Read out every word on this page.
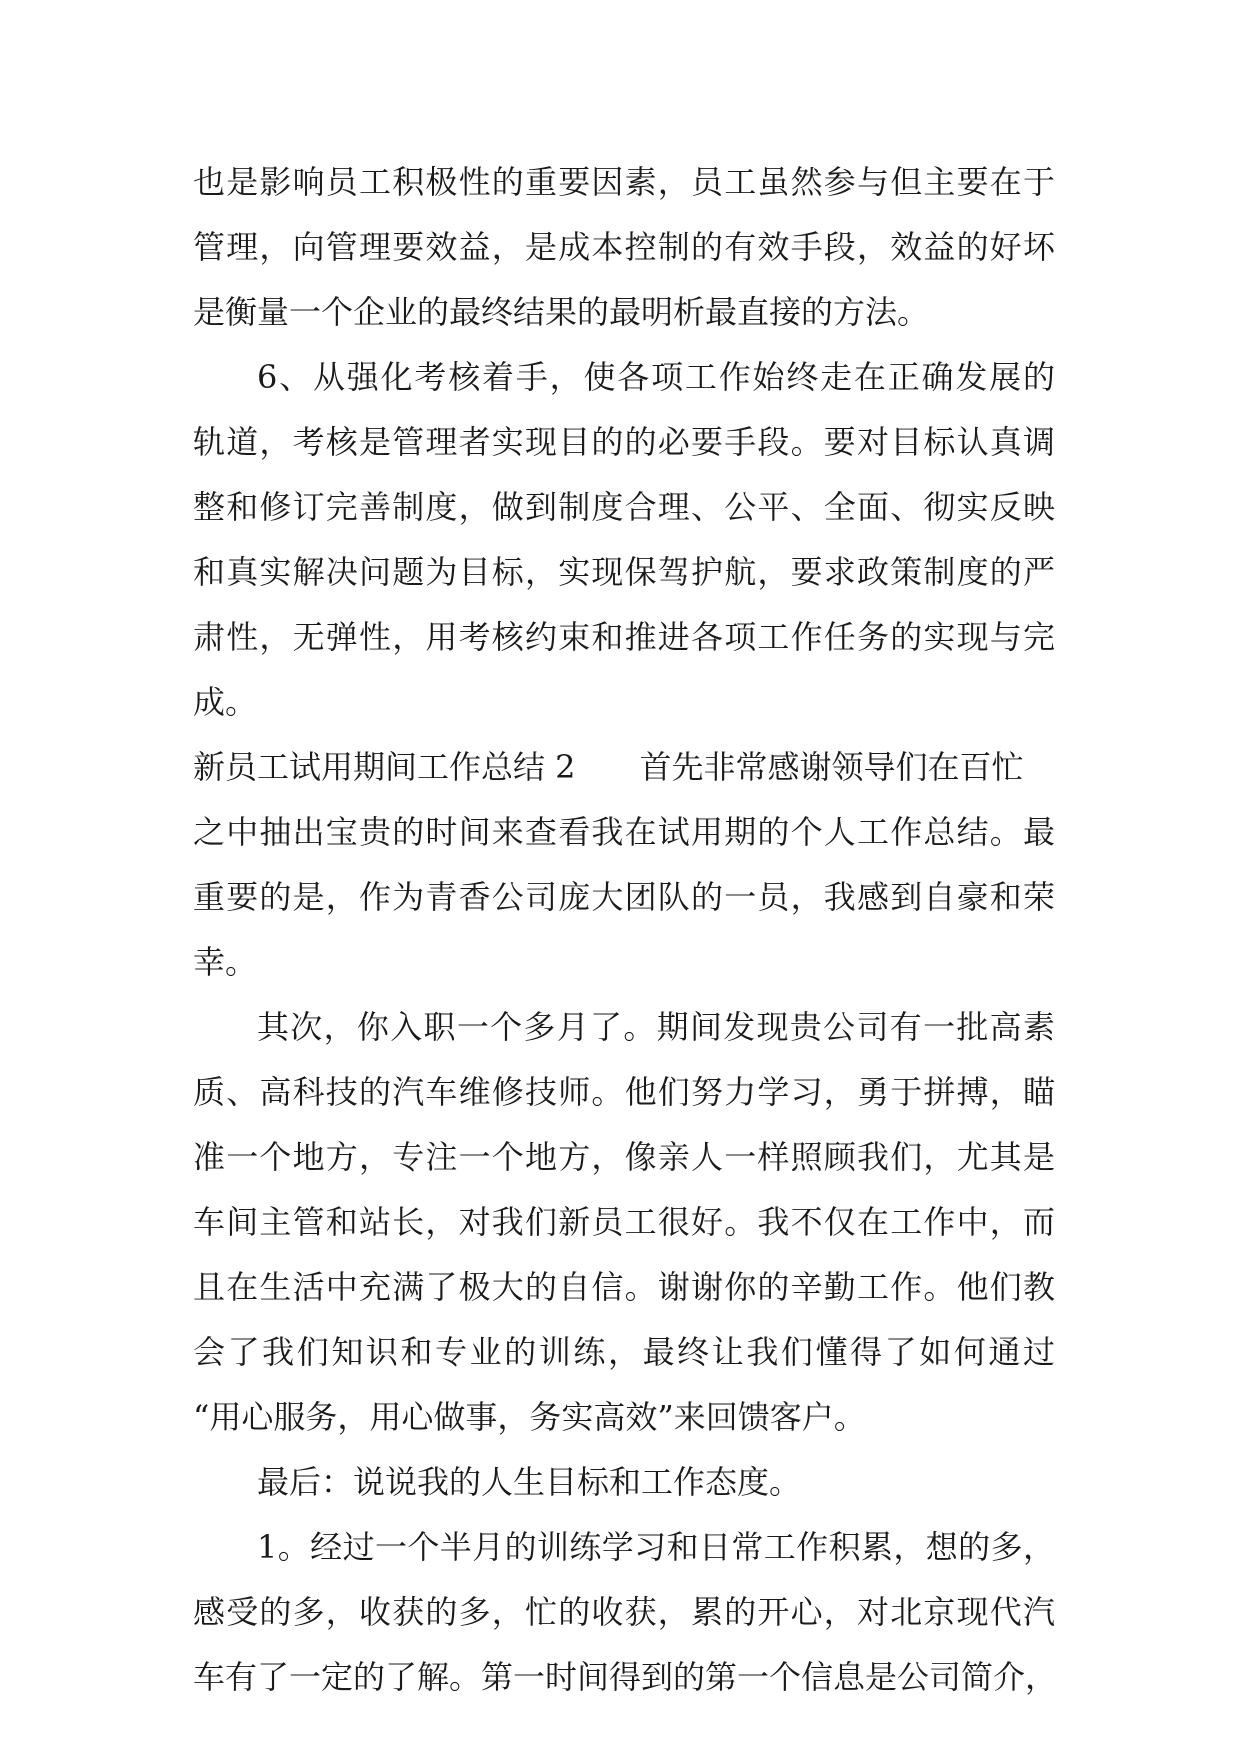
也是影响员工积极性的重要因素，员工虽然参与但主要在于
管理，向管理要效益，是成本控制的有效手段，效益的好坏
是衡量一个企业的最终结果的最明析最直接的方法。
6、从强化考核着手，使各项工作始终走在正确发展的
轨道，考核是管理者实现目的的必要手段。要对目标认真调
整和修订完善制度，做到制度合理、公平、全面、彻实反映
和真实解决问题为目标，实现保驾护航，要求政策制度的严
肃性，无弹性，用考核约束和推进各项工作任务的实现与完
成。
新员工试用期间工作总结 2 首先非常感谢领导们在百忙
之中抽出宝贵的时间来查看我在试用期的个人工作总结。最
重要的是，作为青香公司庞大团队的一员，我感到自豪和荣
幸。
其次，你入职一个多月了。期间发现贵公司有一批高素
质、高科技的汽车维修技师。他们努力学习，勇于拼搏，瞄
准一个地方，专注一个地方，像亲人一样照顾我们，尤其是
车间主管和站长，对我们新员工很好。我不仅在工作中，而
且在生活中充满了极大的自信。谢谢你的辛勤工作。他们教
会了我们知识和专业的训练，最终让我们懂得了如何通过
“用心服务，用心做事，务实高效”来回馈客户。
最后：说说我的人生目标和工作态度。
1。经过一个半月的训练学习和日常工作积累，想的多，
感受的多，收获的多，忙的收获，累的开心，对北京现代汽
车有了一定的了解。第一时间得到的第一个信息是公司简介，
